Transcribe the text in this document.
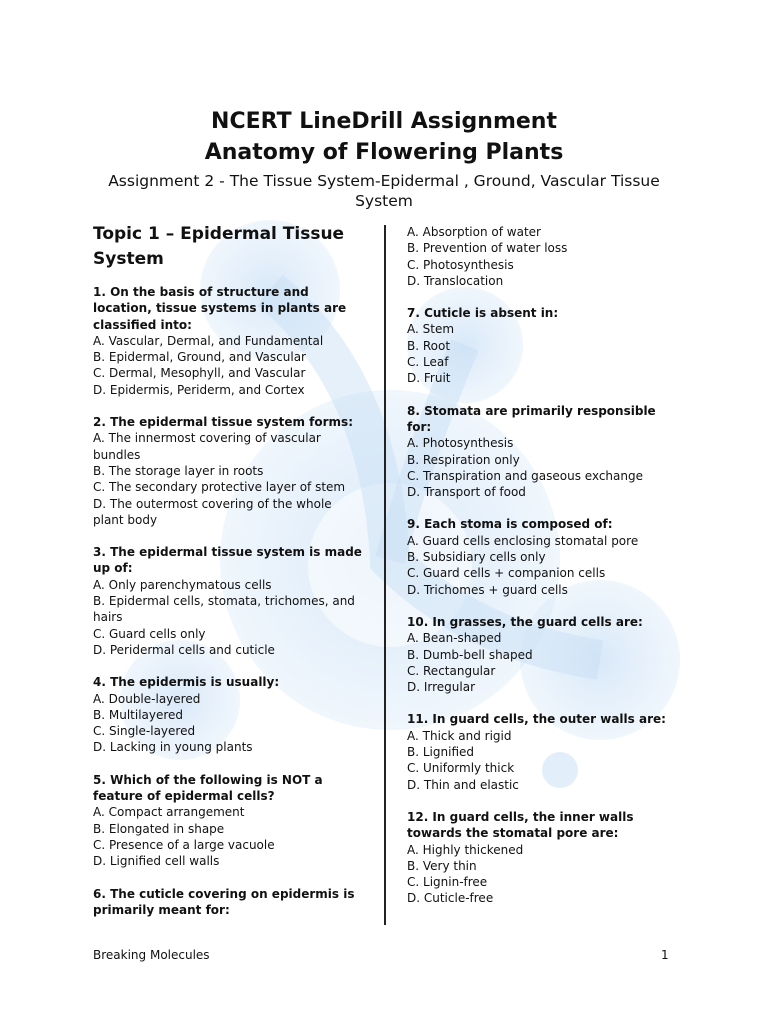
NCERT LineDrill Assignment
Anatomy of Flowering Plants
Assignment 2 - The Tissue System-Epidermal , Ground, Vascular Tissue System
Topic 1 – Epidermal Tissue System
1. On the basis of structure and location, tissue systems in plants are classified into:
A. Vascular, Dermal, and Fundamental
B. Epidermal, Ground, and Vascular
C. Dermal, Mesophyll, and Vascular
D. Epidermis, Periderm, and Cortex
2. The epidermal tissue system forms:
A. The innermost covering of vascular bundles
B. The storage layer in roots
C. The secondary protective layer of stem
D. The outermost covering of the whole plant body
3. The epidermal tissue system is made up of:
A. Only parenchymatous cells
B. Epidermal cells, stomata, trichomes, and hairs
C. Guard cells only
D. Peridermal cells and cuticle
4. The epidermis is usually:
A. Double-layered
B. Multilayered
C. Single-layered
D. Lacking in young plants
5. Which of the following is NOT a feature of epidermal cells?
A. Compact arrangement
B. Elongated in shape
C. Presence of a large vacuole
D. Lignified cell walls
6. The cuticle covering on epidermis is primarily meant for:
A. Absorption of water
B. Prevention of water loss
C. Photosynthesis
D. Translocation
7. Cuticle is absent in:
A. Stem
B. Root
C. Leaf
D. Fruit
8. Stomata are primarily responsible for:
A. Photosynthesis
B. Respiration only
C. Transpiration and gaseous exchange
D. Transport of food
9. Each stoma is composed of:
A. Guard cells enclosing stomatal pore
B. Subsidiary cells only
C. Guard cells + companion cells
D. Trichomes + guard cells
10. In grasses, the guard cells are:
A. Bean-shaped
B. Dumb-bell shaped
C. Rectangular
D. Irregular
11. In guard cells, the outer walls are:
A. Thick and rigid
B. Lignified
C. Uniformly thick
D. Thin and elastic
12. In guard cells, the inner walls towards the stomatal pore are:
A. Highly thickened
B. Very thin
C. Lignin-free
D. Cuticle-free
Breaking Molecules	1
